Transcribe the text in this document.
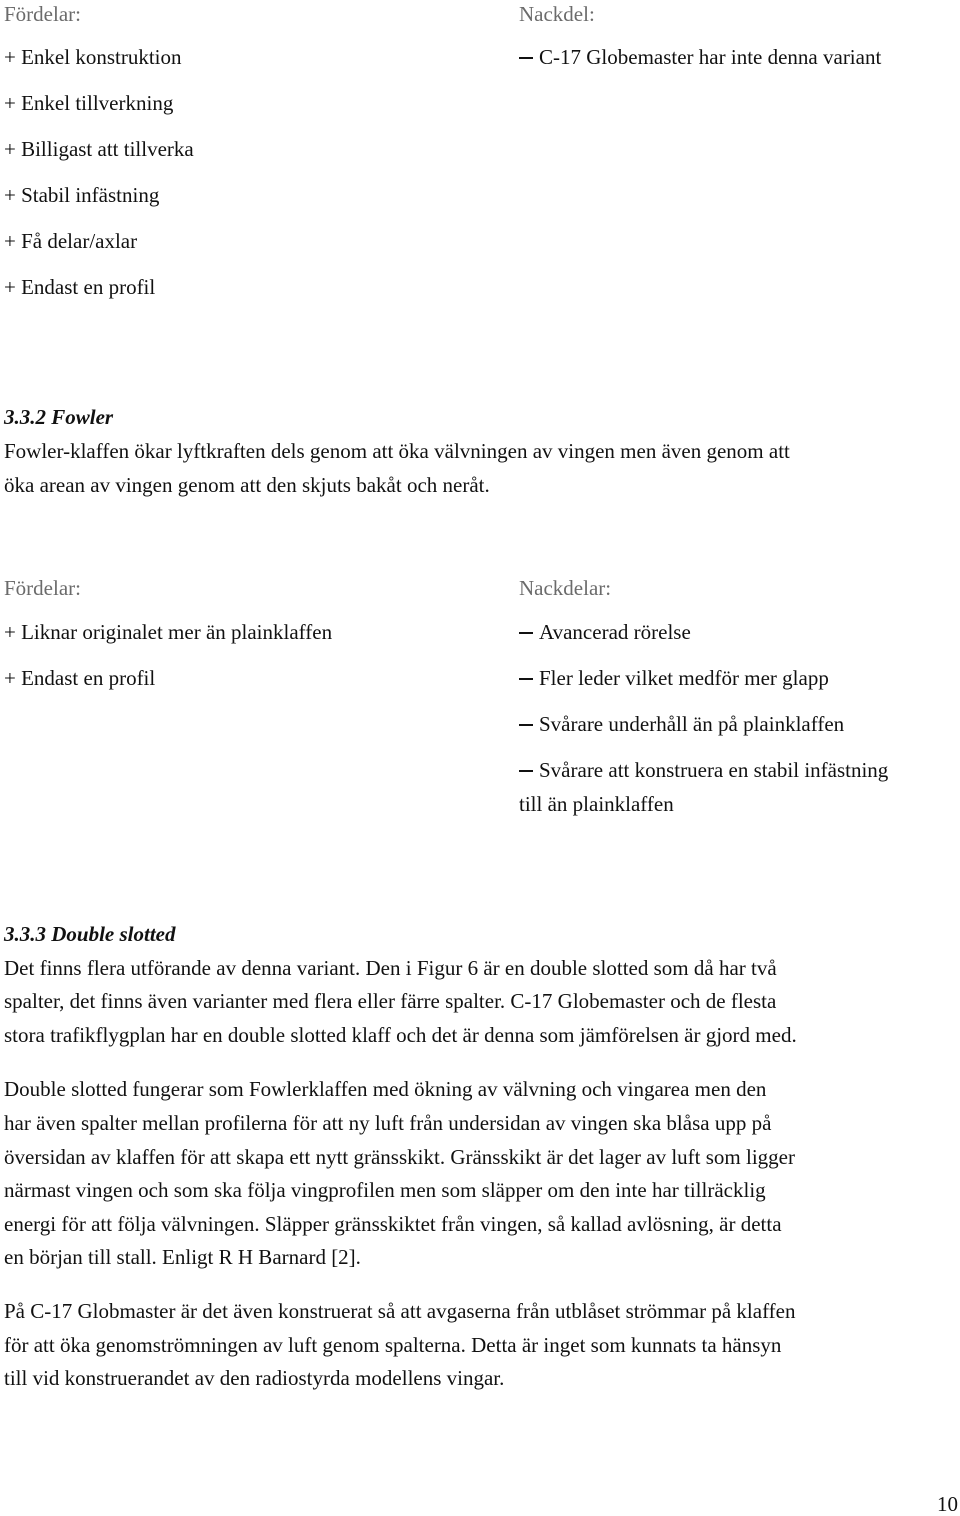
Fördelar:	Nackdel:
+ Enkel konstruktion
+ Enkel tillverkning
+ Billigast att tillverka
+ Stabil infästning
+ Få delar/axlar
+ Endast en profil
C-17 Globemaster har inte denna variant
3.3.2 Fowler
Fowler-klaffen ökar lyftkraften dels genom att öka välvningen av vingen men även genom att
öka arean av vingen genom att den skjuts bakåt och neråt.
Fördelar:	Nackdelar:
+ Liknar originalet mer än plainklaffen
+ Endast en profil
Avancerad rörelse
Fler leder vilket medför mer glapp
Svårare underhåll än på plainklaffen
Svårare att konstruera en stabil infästning
till än plainklaffen
3.3.3 Double slotted
Det finns flera utförande av denna variant. Den i Figur 6 är en double slotted som då har två
spalter, det finns även varianter med flera eller färre spalter. C-17 Globemaster och de flesta
stora trafikflygplan har en double slotted klaff och det är denna som jämförelsen är gjord med.
Double slotted fungerar som Fowlerklaffen med ökning av välvning och vingarea men den
har även spalter mellan profilerna för att ny luft från undersidan av vingen ska blåsa upp på
översidan av klaffen för att skapa ett nytt gränsskikt. Gränsskikt är det lager av luft som ligger
närmast vingen och som ska följa vingprofilen men som släpper om den inte har tillräcklig
energi för att följa välvningen. Släpper gränsskiktet från vingen, så kallad avlösning, är detta
en början till stall. Enligt R H Barnard [2].
På C-17 Globmaster är det även konstruerat så att avgaserna från utblåset strömmar på klaffen
för att öka genomströmningen av luft genom spalterna. Detta är inget som kunnats ta hänsyn
till vid konstruerandet av den radiostyrda modellens vingar.
10
